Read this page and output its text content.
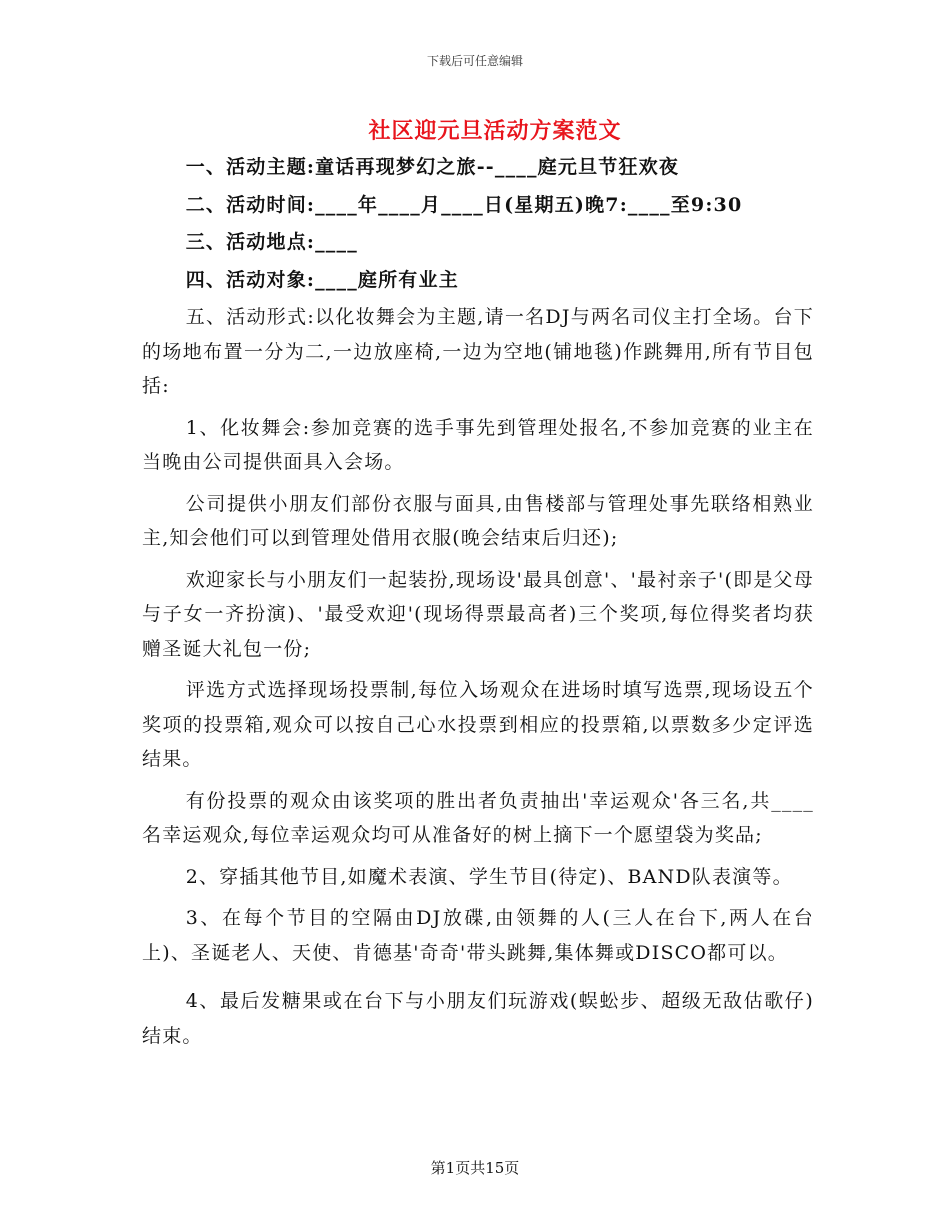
下载后可任意编辑
社区迎元旦活动方案范文

一、活动主题:童话再现梦幻之旅--____庭元旦节狂欢夜

二、活动时间:____年____月____日(星期五)晚7:____至9:30

三、活动地点:____

四、活动对象:____庭所有业主

五、活动形式:以化妆舞会为主题,请一名DJ与两名司仪主打全场。台下的场地布置一分为二,一边放座椅,一边为空地(铺地毯)作跳舞用,所有节目包括:

1、化妆舞会:参加竞赛的选手事先到管理处报名,不参加竞赛的业主在当晚由公司提供面具入会场。

公司提供小朋友们部份衣服与面具,由售楼部与管理处事先联络相熟业主,知会他们可以到管理处借用衣服(晚会结束后归还);

欢迎家长与小朋友们一起装扮,现场设'最具创意'、'最衬亲子'(即是父母与子女一齐扮演)、'最受欢迎'(现场得票最高者)三个奖项,每位得奖者均获赠圣诞大礼包一份;

评选方式选择现场投票制,每位入场观众在进场时填写选票,现场设五个奖项的投票箱,观众可以按自己心水投票到相应的投票箱,以票数多少定评选结果。

有份投票的观众由该奖项的胜出者负责抽出'幸运观众'各三名,共____名幸运观众,每位幸运观众均可从准备好的树上摘下一个愿望袋为奖品;

2、穿插其他节目,如魔术表演、学生节目(待定)、BAND队表演等。

3、在每个节目的空隔由DJ放碟,由领舞的人(三人在台下,两人在台上)、圣诞老人、天使、肯德基'奇奇'带头跳舞,集体舞或DISCO都可以。

4、最后发糖果或在台下与小朋友们玩游戏(蜈蚣步、超级无敌估歌仔)结束。

第1页共15页
